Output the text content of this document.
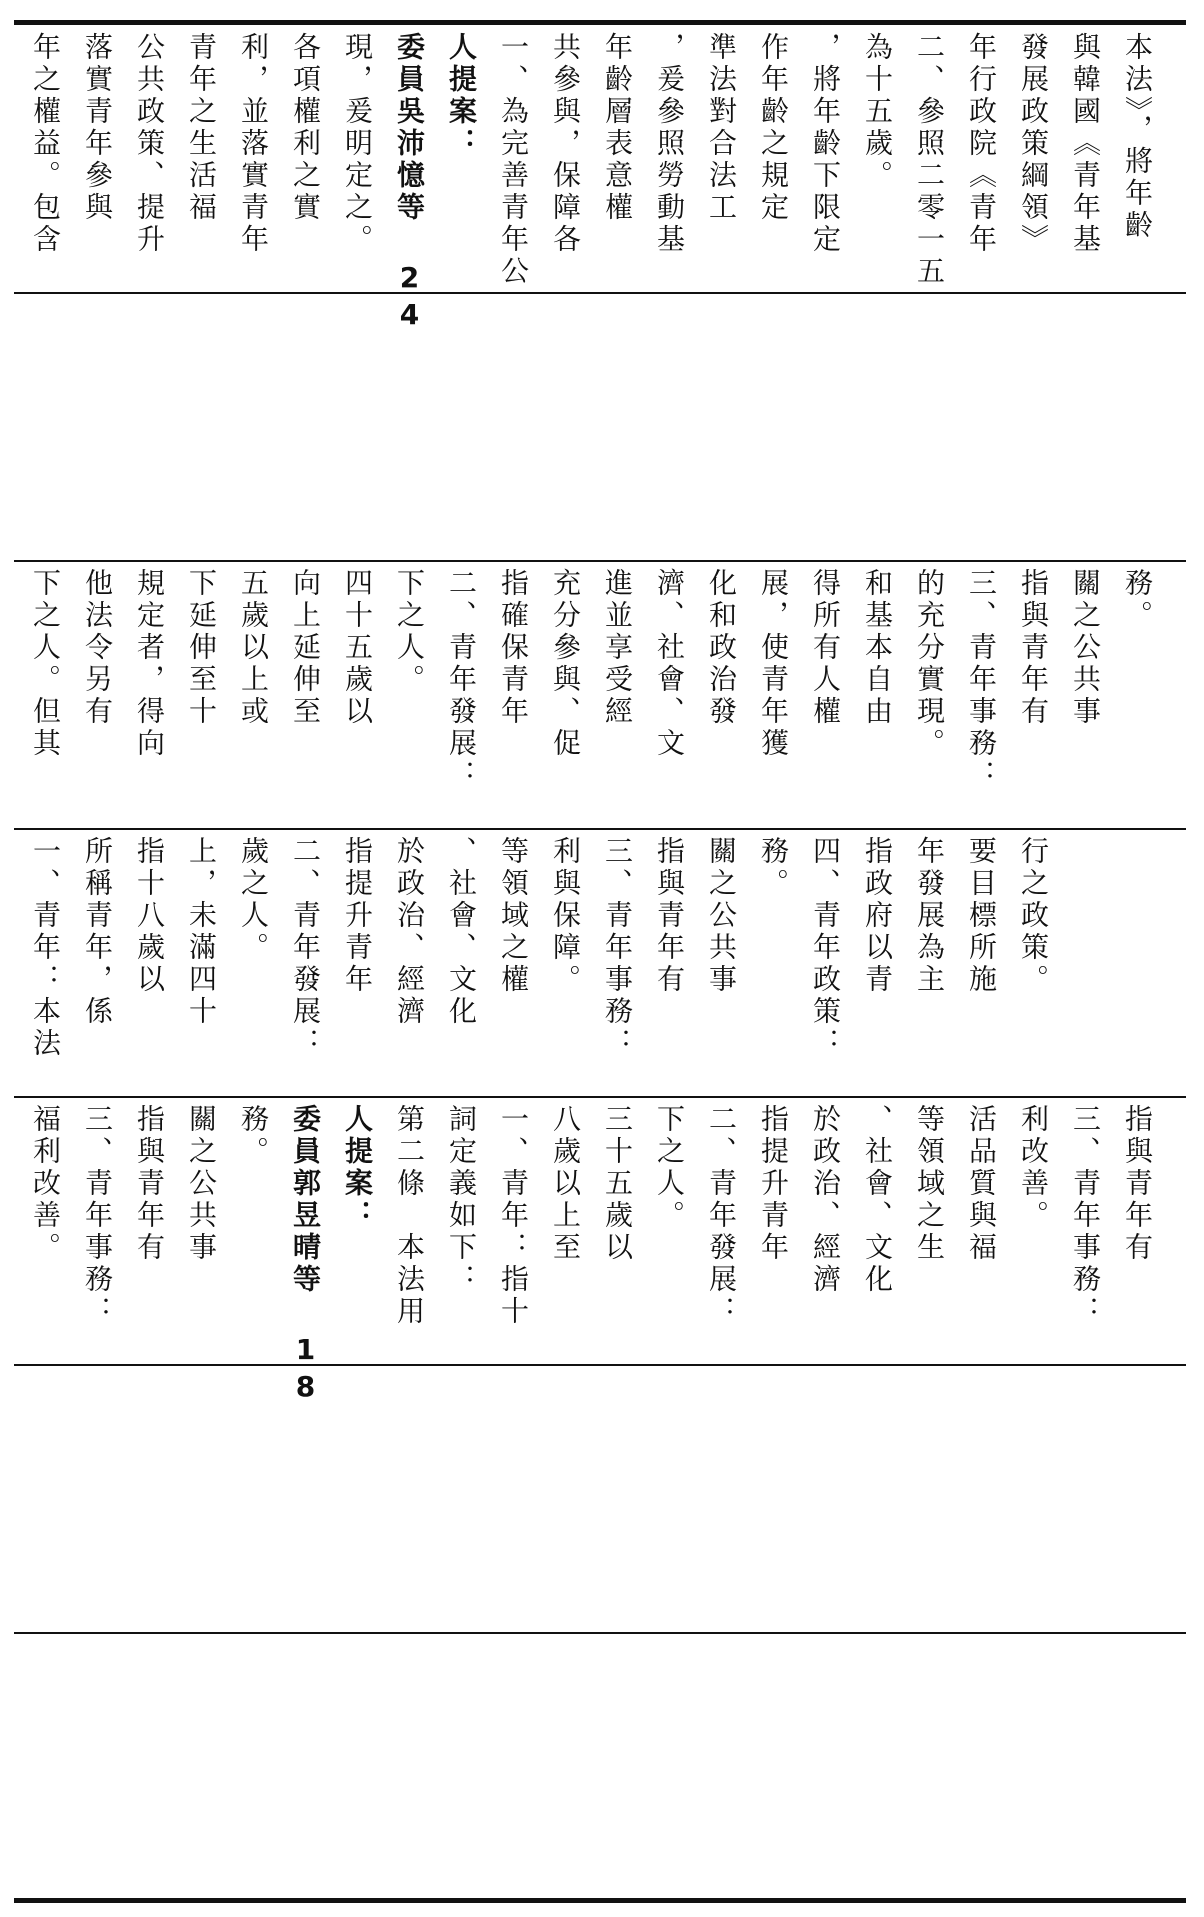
年之權益。包含 落實青年參與 公共政策、提升 青年之生活福 利，並落實青年 各項權利之實 現，爰明定之。 委員吳沛憶等 24 人提案： 一、為完善青年公 共參與，保障各 年齡層表意權 ，爰參照勞動基 準法對合法工 作年齡之規定 ，將年齡下限定 為十五歲。 二、參照二零一五 年行政院《青年 發展政策綱領》 與韓國《青年基 本法》，將年齡
下之人。但其 他法令另有 規定者，得向 下延伸至十 五歲以上或 向上延伸至 四十五歲以 下之人。 二、青年發展： 指確保青年 充分參與、促 進並享受經 濟、社會、文 化和政治發 展，使青年獲 得所有人權 和基本自由 的充分實現。 三、青年事務： 指與青年有 關之公共事 務。
一、青年：本法 所稱青年，係 指十八歲以 上，未滿四十 歲之人。 二、青年發展： 指提升青年 於政治、經濟 、社會、文化 等領域之權 利與保障。 三、青年事務： 指與青年有 關之公共事 務。 四、青年政策： 指政府以青 年發展為主 要目標所施 行之政策。
福利改善。 三、青年事務： 指與青年有 關之公共事 務。 委員郭昱晴等 18 人提案： 第二條　本法用 詞定義如下： 一、青年：指十 八歲以上至 三十五歲以 下之人。 二、青年發展： 指提升青年 於政治、經濟 、社會、文化 等領域之生 活品質與福 利改善。 三、青年事務： 指與青年有
